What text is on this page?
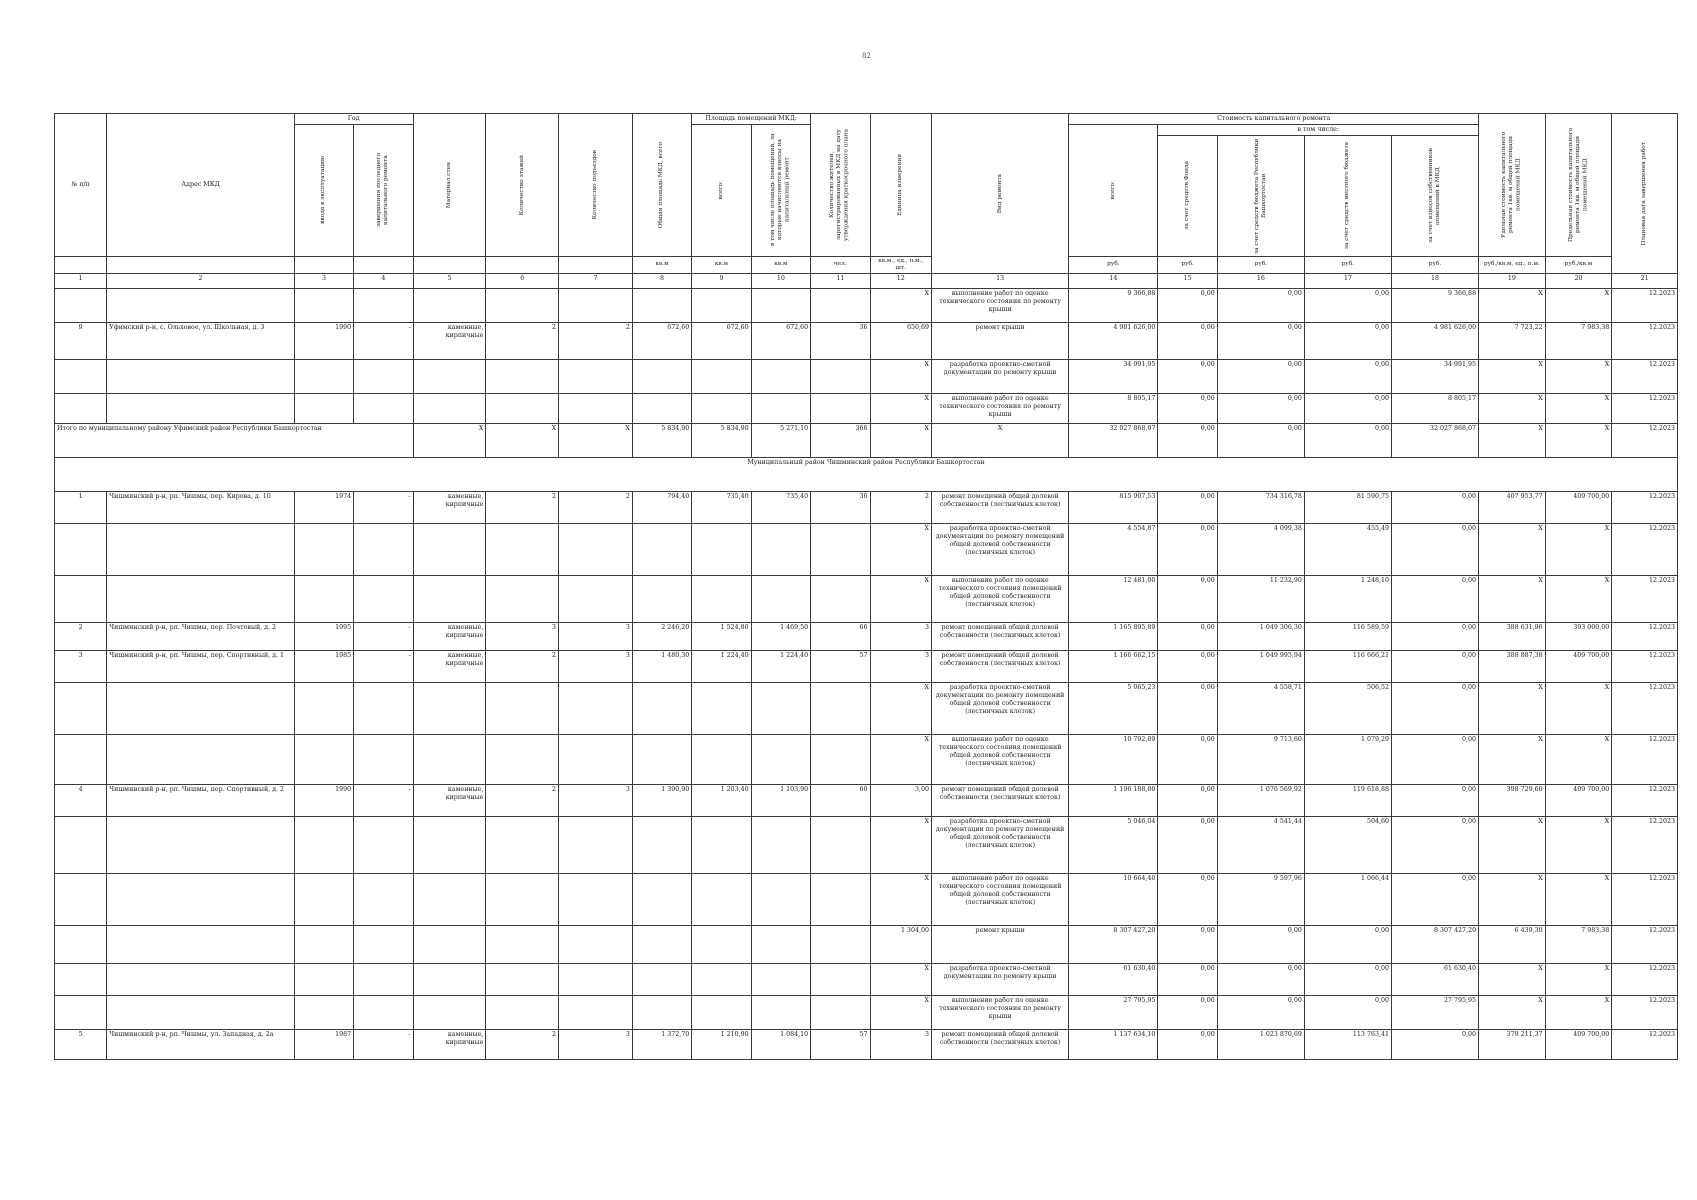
82
№ п/п	Адрес МКД	Год		Материал стен	Количество этажей	Количество подъездов	Общая площадь МКД, всего	Площадь помещений МКД:		Количество жителей, зарегистрированных в МКД на дату утверждения краткосрочного плана	Единица измерения	Вид ремонта	Стоимость капитального ремонта					Удельная стоимость капитального ремонта 1кв. м общей площади помещений МКД	Предельная стоимость капитального ремонта 1кв. м общей площади помещений МКД	Плановая дата завершения работ

		ввода в эксплуатацию	завершения последнего капитального ремонта					всего:	в том числе площадь помещений, за которые начисляются взносы на капитальный ремонт				всего:	в том числе:						

														за счет средств Фонда	за счет средств бюджета Республики Башкортостан	за счет средств местного бюджета	за счет взносов собственников помещений в МКД			

							кв.м	кв.м	кв.м	чел.	кв.м., ед., п.м., шт.		руб.	руб.	руб.	руб.	руб.	руб./кв.м, ед., п.м.	руб./кв.м	
1	2	3	4	5	6	7	8	9	10	11	12	13	14	15	16	17	18	19	20	21
											X	выполнение работ по оценке технического состояния по ремонту крыши	9 366,88	0,00	0,00	0,00	9 366,88	X	X	12.2023
9	Уфимский р-н, с. Ольховое, ул. Школьная, д. 3	1990	-	каменные, кирпичные	2	2	672,60	672,60	672,60	36	650,69	ремонт крыши	4 981 626,00	0,00	0,00	0,00	4 981 626,00	7 723,22	7 983,38	12.2023
											X	разработка проектно-сметной документации по ремонту крыши	34 991,95	0,00	0,00	0,00	34 991,95	X	X	12.2023
											X	выполнение работ по оценке технического состояния по ремонту крыши	8 805,17	0,00	0,00	0,00	8 805,17	X	X	12.2023
Итого по муниципальному району Уфимский район Республики Башкортостан				X	X	X	5 834,90	5 834,90	5 271,10	366	X	X	32 027 868,07	0,00	0,00	0,00	32 027 868,07	X	X	12.2023
Муниципальный район Чишминский район Республики Башкортостан																				
1	Чишминский р-н, рп. Чишмы, пер. Кирова, д. 10	1974	-	каменные, кирпичные	2	2	794,40	735,40	735,40	36	2	ремонт помещений общей долевой собственности (лестничных клеток)	815 907,53	0,00	734 316,78	81 590,75	0,00	407 953,77	409 700,00	12.2023
											X	разработка проектно-сметной документации по ремонту помещений общей долевой собственности (лестничных клеток)	4 554,87	0,00	4 099,38	455,49	0,00	X	X	12.2023
											X	выполнение работ по оценке технического состояния помещений общей долевой собственности (лестничных клеток)	12 481,00	0,00	11 232,90	1 248,10	0,00	X	X	12.2023
2	Чишминский р-н, рп. Чишмы, пер. Почтовый, д. 2	1995	-	каменные, кирпичные	3	3	2 246,20	1 524,80	1 469,50	66	3	ремонт помещений общей долевой собственности (лестничных клеток)	1 165 895,89	0,00	1 049 306,30	116 589,59	0,00	388 631,96	393 000,00	12.2023
3	Чишминский р-н, рп. Чишмы, пер. Спортивный, д. 1	1985	-	каменные, кирпичные	2	3	1 480,30	1 224,40	1 224,40	57	3	ремонт помещений общей долевой собственности (лестничных клеток)	1 166 662,15	0,00	1 049 995,94	116 666,21	0,00	388 887,38	409 700,00	12.2023
											X	разработка проектно-сметной документации по ремонту помещений общей долевой собственности (лестничных клеток)	5 065,23	0,00	4 558,71	506,52	0,00	X	X	12.2023
											X	выполнение работ по оценке технического состояния помещений общей долевой собственности (лестничных клеток)	10 792,89	0,00	9 713,60	1 079,29	0,00	X	X	12.2023
4	Чишминский р-н, рп. Чишмы, пер. Спортивный, д. 2	1990	-	каменные, кирпичные	2	3	1 390,90	1 203,40	1 103,90	60	3,00	ремонт помещений общей долевой собственности (лестничных клеток)	1 196 188,80	0,00	1 076 569,92	119 618,88	0,00	398 729,60	409 700,00	12.2023
											X	разработка проектно-сметной документации по ремонту помещений общей долевой собственности (лестничных клеток)	5 046,04	0,00	4 541,44	504,60	0,00	X	X	12.2023
											X	выполнение работ по оценке технического состояния помещений общей долевой собственности (лестничных клеток)	10 664,40	0,00	9 597,96	1 066,44	0,00	X	X	12.2023
											1 304,00	ремонт крыши	8 307 427,20	0,00	0,00	0,00	8 307 427,20	6 439,30	7 983,38	12.2023
											X	разработка проектно-сметной документации по ремонту крыши	61 630,40	0,00	0,00	0,00	61 630,40	X	X	12.2023
											X	выполнение работ по оценке технического состояния по ремонту крыши	27 795,95	0,00	0,00	0,00	27 795,95	X	X	12.2023
5	Чишминский р-н, рп. Чишмы, ул. Западная, д. 2а	1987	-	каменные, кирпичные	2	3	1 372,70	1 210,90	1 084,10	57	3	ремонт помещений общей долевой собственности (лестничных клеток)	1 137 634,10	0,00	1 023 870,69	113 763,41	0,00	379 211,37	409 700,00	12.2023
